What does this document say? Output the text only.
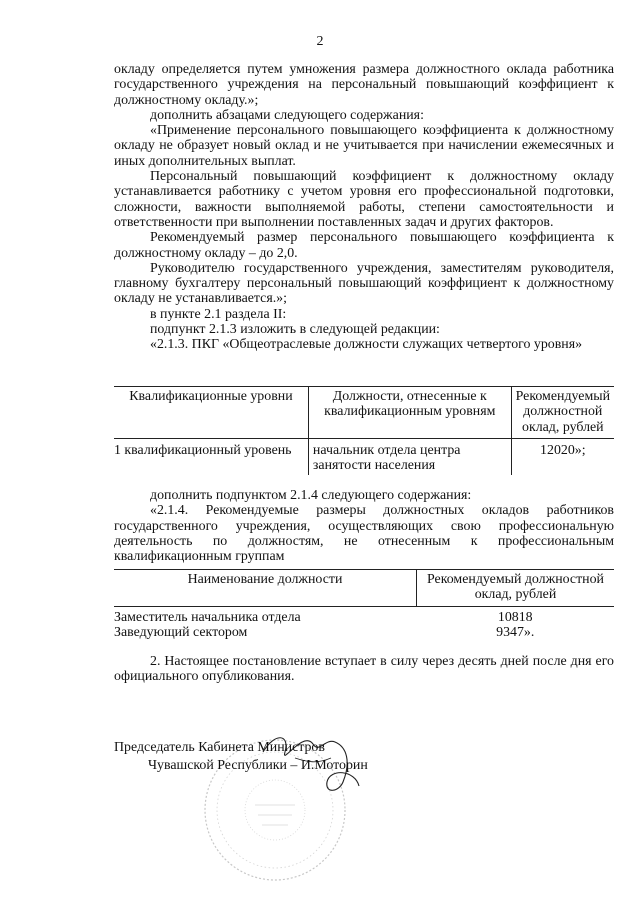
2

окладу определяется путем умножения размера должностного оклада работника государственного учреждения на персональный повышающий коэффициент к должностному окладу.»;

дополнить абзацами следующего содержания:

«Применение персонального повышающего коэффициента к должностному окладу не образует новый оклад и не учитывается при начислении ежемесячных и иных дополнительных выплат.

Персональный повышающий коэффициент к должностному окладу устанавливается работнику с учетом уровня его профессиональной подготовки, сложности, важности выполняемой работы, степени самостоятельности и ответственности при выполнении поставленных задач и других факторов.

Рекомендуемый размер персонального повышающего коэффициента к должностному окладу – до 2,0.

Руководителю государственного учреждения, заместителям руководителя, главному бухгалтеру персональный повышающий коэффициент к должностному окладу не устанавливается.»;

в пункте 2.1 раздела II:

подпункт 2.1.3 изложить в следующей редакции:

«2.1.3. ПКГ «Общеотраслевые должности служащих четвертого уровня»

Квалификационные уровни	Должности, отнесенные к квалификационным уровням	Рекомендуемый должностной оклад, рублей
1 квалификационный уровень	начальник отдела центра занятости населения	12020»;

дополнить подпунктом 2.1.4 следующего содержания:

«2.1.4. Рекомендуемые размеры должностных окладов работников государственного учреждения, осуществляющих свою профессиональную деятельность по должностям, не отнесенным к профессиональным квалификационным группам

Наименование должности	Рекомендуемый должностной оклад, рублей
Заместитель начальника отдела	10818
Заведующий сектором	9347».

2. Настоящее постановление вступает в силу через десять дней после дня его официального опубликования.

Председатель Кабинета Министров
Чувашской Республики – И.Моторин
